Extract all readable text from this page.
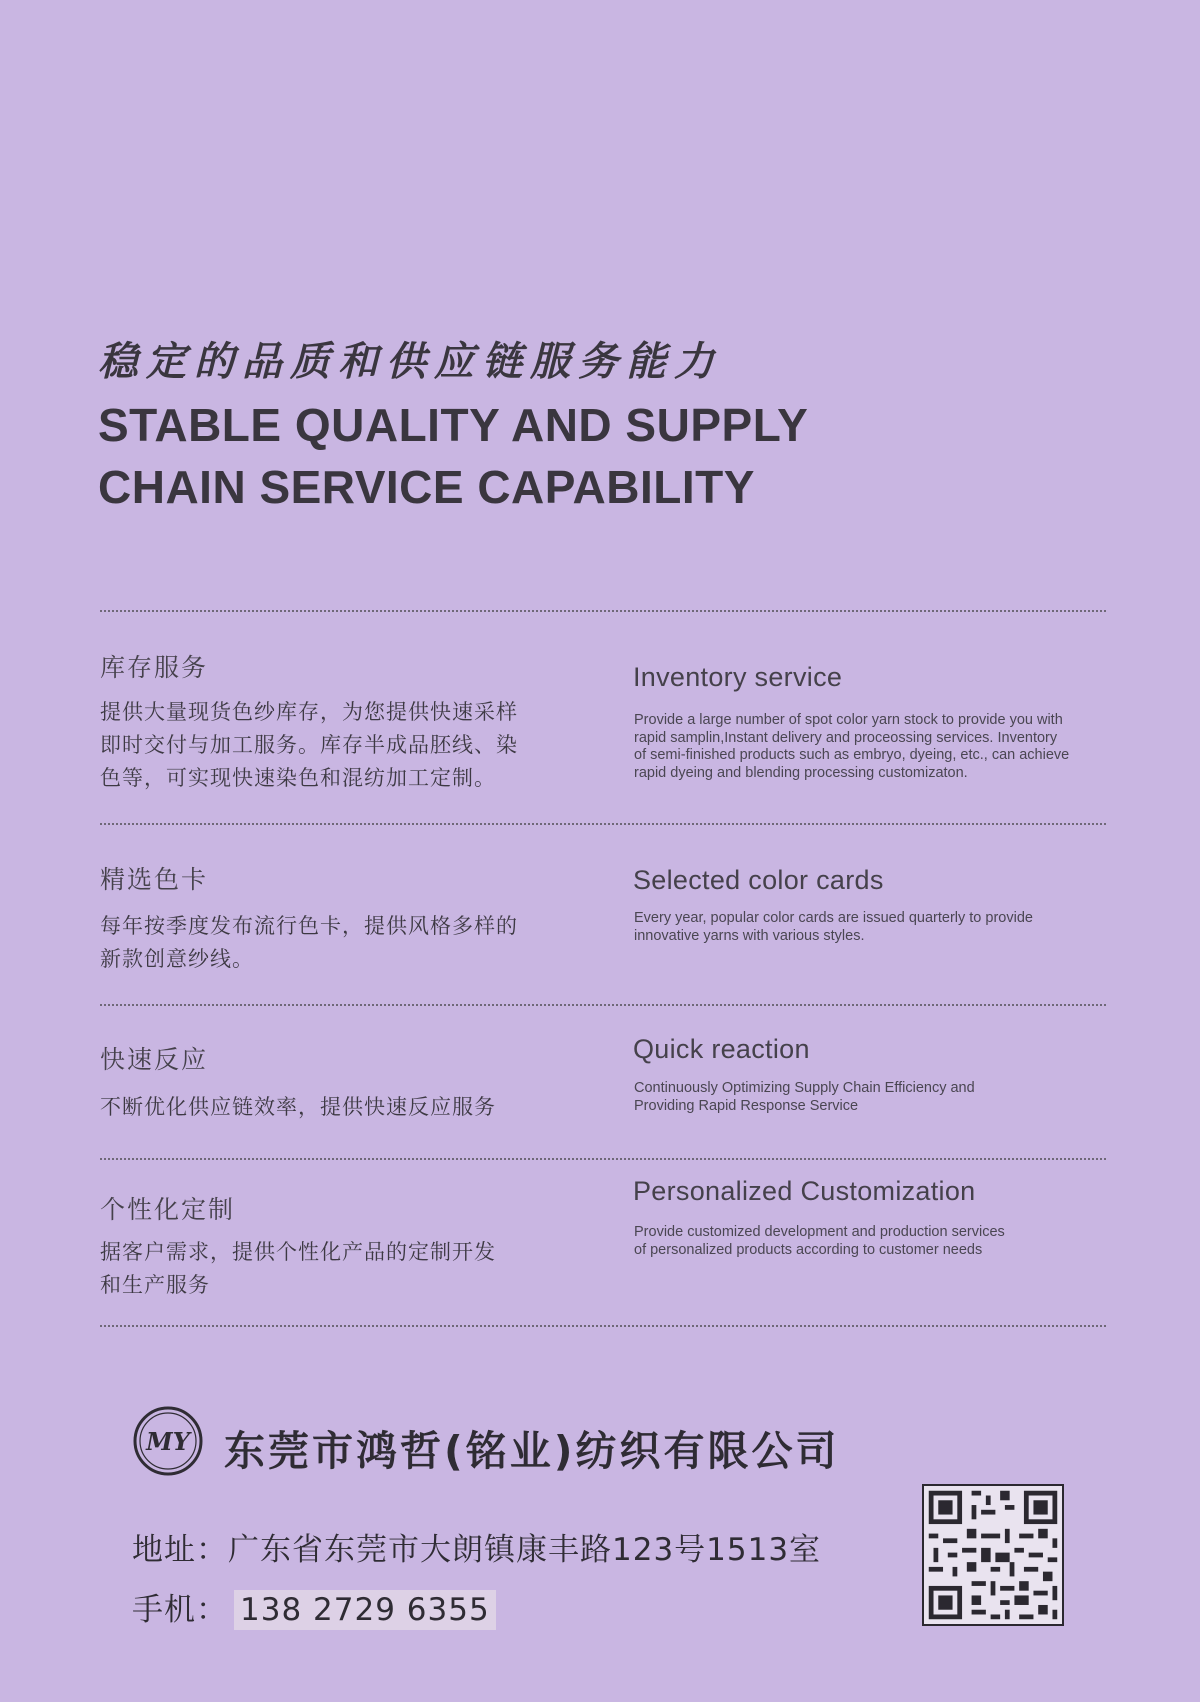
稳定的品质和供应链服务能力
STABLE QUALITY AND SUPPLY
CHAIN SERVICE CAPABILITY
库存服务
提供大量现货色纱库存，为您提供快速采样
即时交付与加工服务。库存半成品胚线、染
色等，可实现快速染色和混纺加工定制。
Inventory service
Provide a large number of spot color yarn stock to provide you with
rapid samplin,Instant delivery and proceossing services. Inventory
of semi-finished products such as embryo, dyeing, etc., can achieve
rapid dyeing and blending processing customizaton.
精选色卡
每年按季度发布流行色卡，提供风格多样的
新款创意纱线。
Selected color cards
Every year, popular color cards are issued quarterly to provide
innovative yarns with various styles.
快速反应
不断优化供应链效率，提供快速反应服务
Quick reaction
Continuously Optimizing Supply Chain Efficiency and
Providing Rapid Response Service
个性化定制
据客户需求，提供个性化产品的定制开发
和生产服务
Personalized Customization
Provide customized development and production services
of personalized products according to customer needs
MY 东莞市鸿哲(铭业)纺织有限公司
地址：广东省东莞市大朗镇康丰路123号1513室
手机： 138 2729 6355
